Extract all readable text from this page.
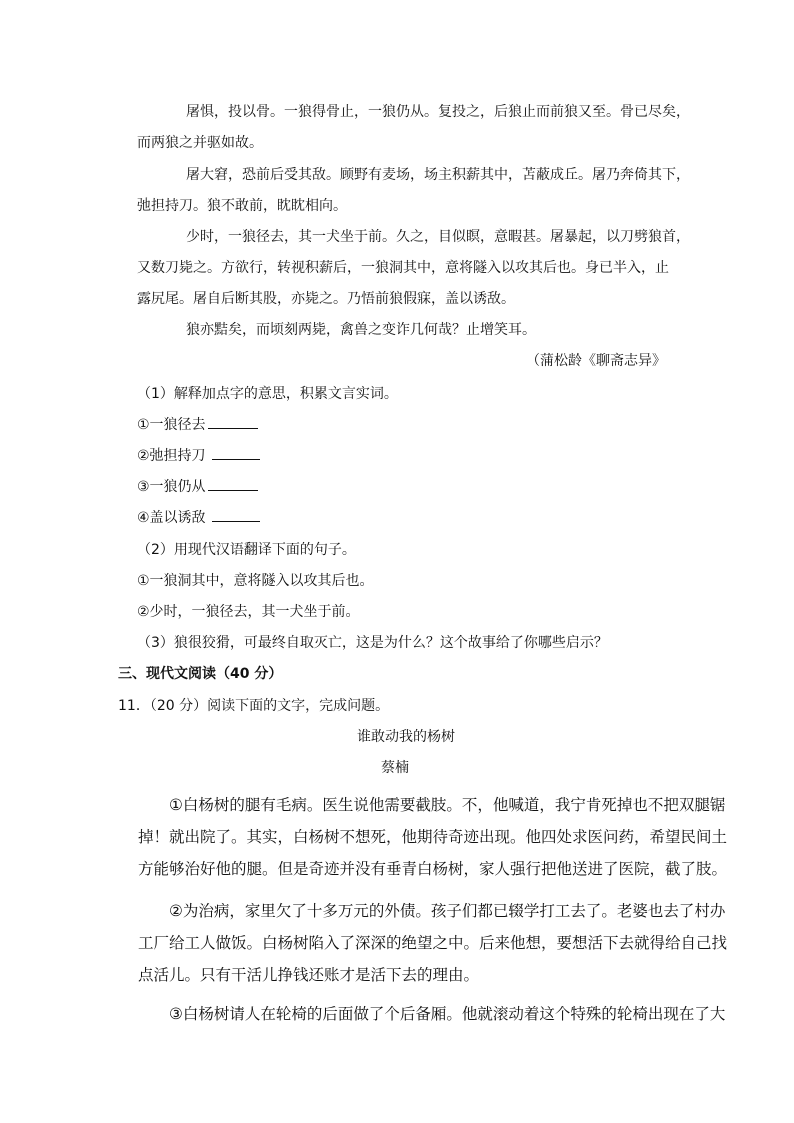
屠惧，投以骨。一狼得骨止，一狼仍从。复投之，后狼止而前狼又至。骨已尽矣，
而两狼之并驱如故。
屠大窘，恐前后受其敌。顾野有麦场，场主积薪其中，苫蔽成丘。屠乃奔倚其下，
弛担持刀。狼不敢前，眈眈相向。
少时，一狼径去，其一犬坐于前。久之，目似瞑，意暇甚。屠暴起，以刀劈狼首，
又数刀毙之。方欲行，转视积薪后，一狼洞其中，意将隧入以攻其后也。身已半入，止
露尻尾。屠自后断其股，亦毙之。乃悟前狼假寐，盖以诱敌。
狼亦黠矣，而顷刻两毙，禽兽之变诈几何哉？止增笑耳。
（蒲松龄《聊斋志异》
（1）解释加点字的意思，积累文言实词。
①一狼径去
②弛担持刀
③一狼仍从
④盖以诱敌
（2）用现代汉语翻译下面的句子。
①一狼洞其中，意将隧入以攻其后也。
②少时，一狼径去，其一犬坐于前。
（3）狼很狡猾，可最终自取灭亡，这是为什么？这个故事给了你哪些启示？
三、现代文阅读（40 分）
11．（20 分）阅读下面的文字，完成问题。
谁敢动我的杨树
蔡楠
①白杨树的腿有毛病。医生说他需要截肢。不，他喊道，我宁肯死掉也不把双腿锯
掉！就出院了。其实，白杨树不想死，他期待奇迹出现。他四处求医问药，希望民间土
方能够治好他的腿。但是奇迹并没有垂青白杨树，家人强行把他送进了医院，截了肢。
②为治病，家里欠了十多万元的外债。孩子们都已辍学打工去了。老婆也去了村办
工厂给工人做饭。白杨树陷入了深深的绝望之中。后来他想，要想活下去就得给自己找
点活儿。只有干活儿挣钱还账才是活下去的理由。
③白杨树请人在轮椅的后面做了个后备厢。他就滚动着这个特殊的轮椅出现在了大
